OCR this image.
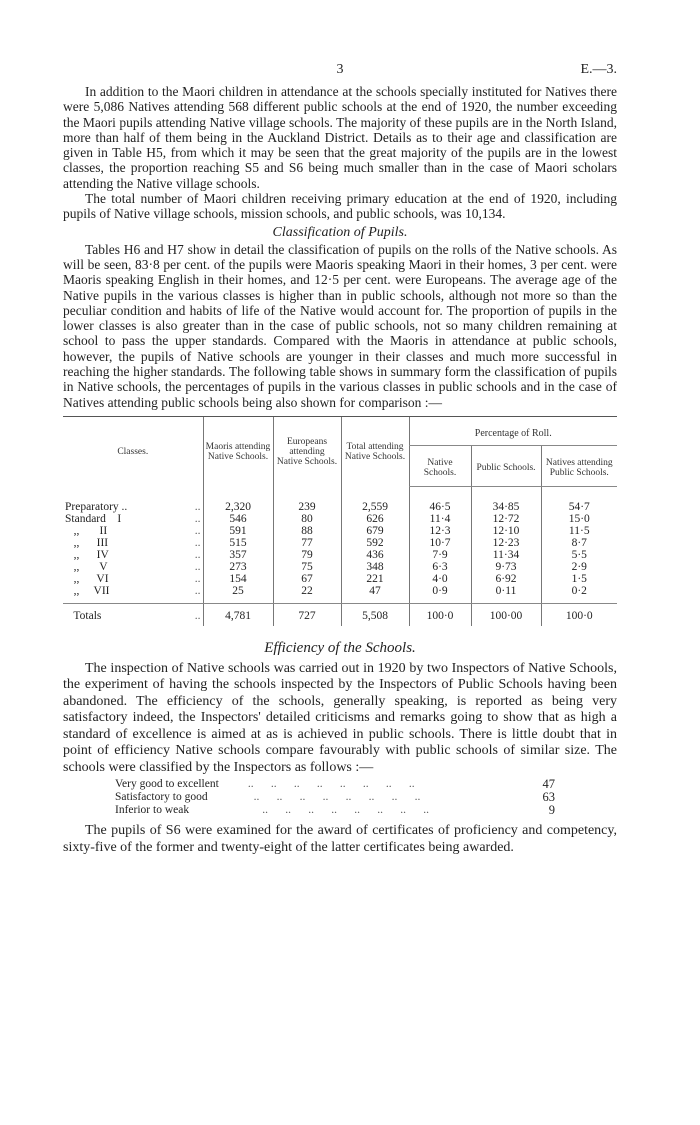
3	E.—3.

In addition to the Maori children in attendance at the schools specially instituted for Natives there were 5,086 Natives attending 568 different public schools at the end of 1920, the number exceeding the Maori pupils attending Native village schools. The majority of these pupils are in the North Island, more than half of them being in the Auckland District. Details as to their age and classification are given in Table H5, from which it may be seen that the great majority of the pupils are in the lowest classes, the proportion reaching S5 and S6 being much smaller than in the case of Maori scholars attending the Native village schools.

The total number of Maori children receiving primary education at the end of 1920, including pupils of Native village schools, mission schools, and public schools, was 10,134.

Classification of Pupils.

Tables H6 and H7 show in detail the classification of pupils on the rolls of the Native schools. As will be seen, 83·8 per cent. of the pupils were Maoris speaking Maori in their homes, 3 per cent. were Maoris speaking English in their homes, and 12·5 per cent. were Europeans. The average age of the Native pupils in the various classes is higher than in public schools, although not more so than the peculiar condition and habits of life of the Native would account for. The proportion of pupils in the lower classes is also greater than in the case of public schools, not so many children remaining at school to pass the upper standards. Compared with the Maoris in attendance at public schools, however, the pupils of Native schools are younger in their classes and much more successful in reaching the higher standards. The following table shows in summary form the classification of pupils in Native schools, the percentages of pupils in the various classes in public schools and in the case of Natives attending public schools being also shown for comparison :—

Classes.	Maoris attending Native Schools.	Europeans attending Native Schools.	Total attending Native Schools.	Percentage of Roll.		
				Native Schools.	Public Schools.	Natives attending Public Schools.
Preparatory .. ..	2,320	239	2,559	46·5	34·85	54·7
Standard    I ..	546	80	626	11·4	12·72	15·0
,,       II ..	591	88	679	12·3	12·10	11·5
,,      III ..	515	77	592	10·7	12·23	8·7
,,      IV ..	357	79	436	7·9	11·34	5·5
,,       V ..	273	75	348	6·3	9·73	2·9
,,      VI ..	154	67	221	4·0	6·92	1·5
,,     VII ..	25	22	47	0·9	0·11	0·2
Totals ..	4,781	727	5,508	100·0	100·00	100·0
Efficiency of the Schools.

The inspection of Native schools was carried out in 1920 by two Inspectors of Native Schools, the experiment of having the schools inspected by the Inspectors of Public Schools having been abandoned. The efficiency of the schools, generally speaking, is reported as being very satisfactory indeed, the Inspectors' detailed criticisms and remarks going to show that as high a standard of excellence is aimed at as is achieved in public schools. There is little doubt that in point of efficiency Native schools compare favourably with public schools of similar size. The schools were classified by the Inspectors as follows :—

Very good to excellent	..      ..      ..      ..      ..      ..      ..      ..	47
Satisfactory to good	..      ..      ..      ..      ..      ..      ..      ..	63
Inferior to weak	..      ..      ..      ..      ..      ..      ..      ..	9

The pupils of S6 were examined for the award of certificates of proficiency and competency, sixty-five of the former and twenty-eight of the latter certificates being awarded.
